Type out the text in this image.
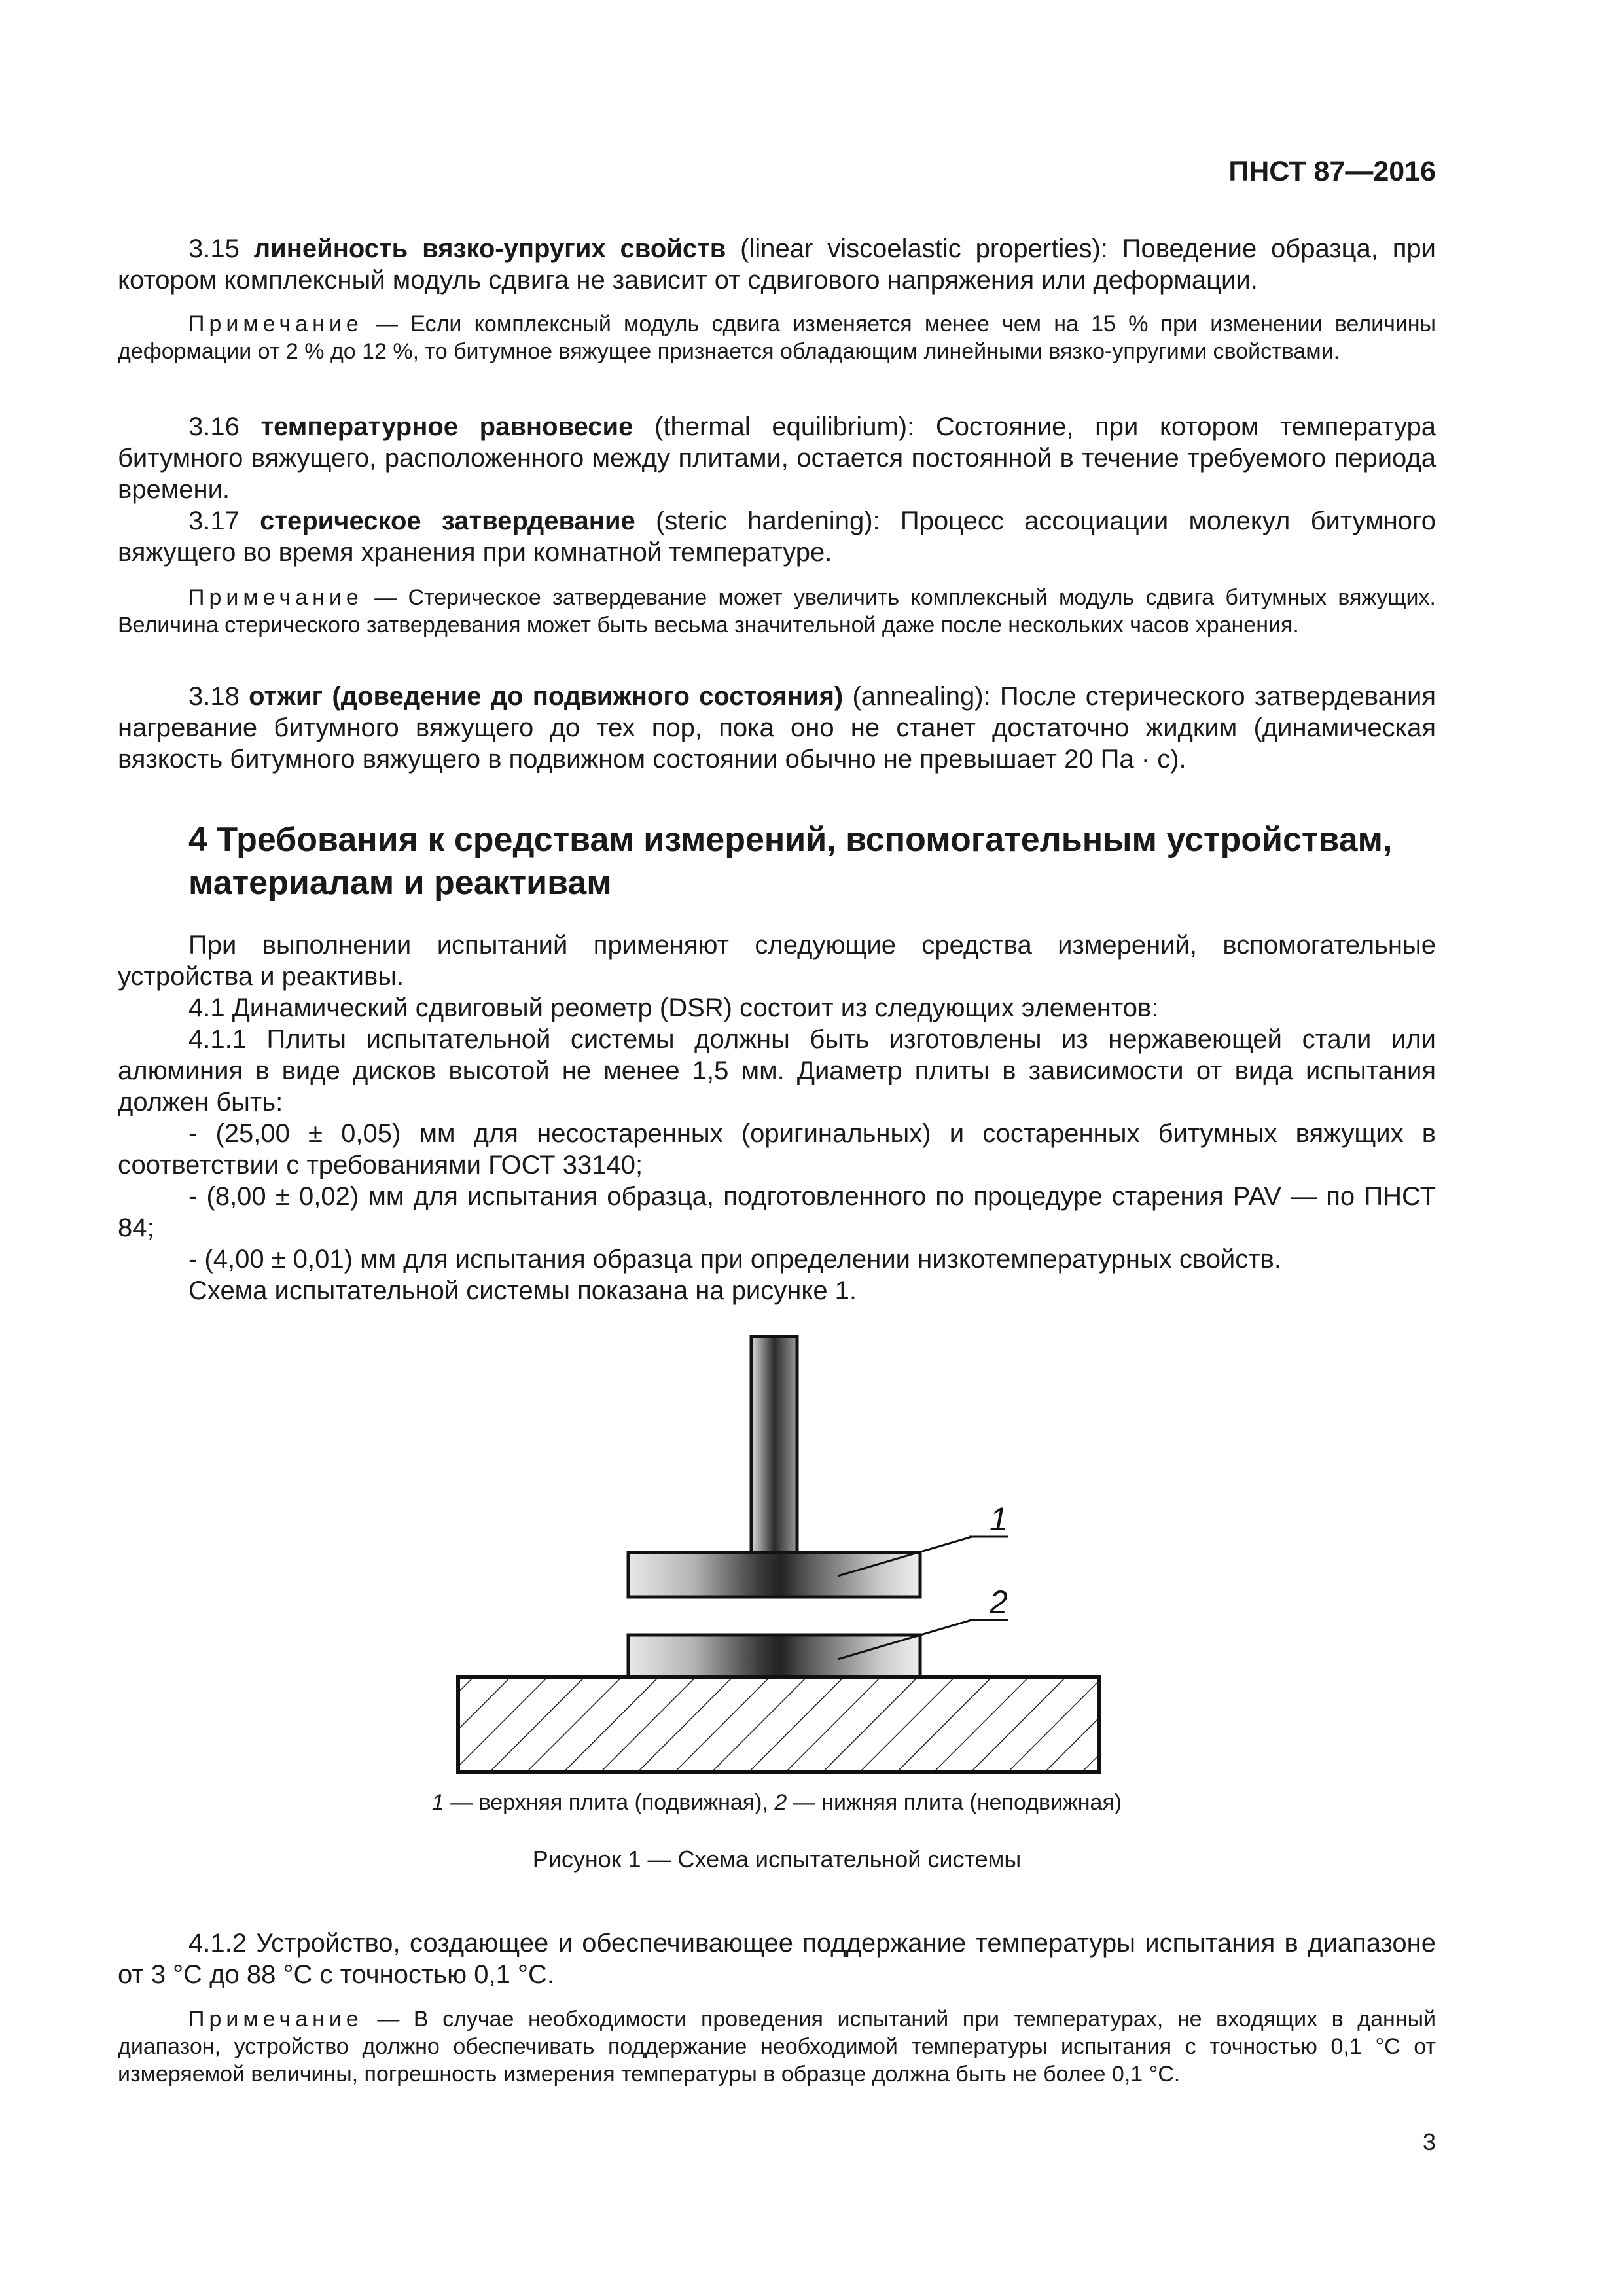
ПНСТ 87—2016

3.15 линейность вязко-упругих свойств (linear viscoelastic properties): Поведение образца, при котором комплексный модуль сдвига не зависит от сдвигового напряжения или деформации.

Примечание — Если комплексный модуль сдвига изменяется менее чем на 15 % при изменении величины деформации от 2 % до 12 %, то битумное вяжущее признается обладающим линейными вязко-упругими свойствами.

3.16 температурное равновесие (thermal equilibrium): Состояние, при котором температура битумного вяжущего, расположенного между плитами, остается постоянной в течение требуемого периода времени.

3.17 стерическое затвердевание (steric hardening): Процесс ассоциации молекул битумного вяжущего во время хранения при комнатной температуре.

Примечание — Стерическое затвердевание может увеличить комплексный модуль сдвига битумных вяжущих. Величина стерического затвердевания может быть весьма значительной даже после нескольких часов хранения.

3.18 отжиг (доведение до подвижного состояния) (annealing): После стерического затвердевания нагревание битумного вяжущего до тех пор, пока оно не станет достаточно жидким (динамическая вязкость битумного вяжущего в подвижном состоянии обычно не превышает 20 Па · с).

4 Требования к средствам измерений, вспомогательным устройствам, материалам и реактивам

При выполнении испытаний применяют следующие средства измерений, вспомогательные устройства и реактивы.

4.1 Динамический сдвиговый реометр (DSR) состоит из следующих элементов:

4.1.1 Плиты испытательной системы должны быть изготовлены из нержавеющей стали или алюминия в виде дисков высотой не менее 1,5 мм. Диаметр плиты в зависимости от вида испытания должен быть:

- (25,00 ± 0,05) мм для несостаренных (оригинальных) и состаренных битумных вяжущих в соответствии с требованиями ГОСТ 33140;

- (8,00 ± 0,02) мм для испытания образца, подготовленного по процедуре старения PAV — по ПНСТ 84;

- (4,00 ± 0,01) мм для испытания образца при определении низкотемпературных свойств.

Схема испытательной системы показана на рисунке 1.

1
2
1 — верхняя плита (подвижная), 2 — нижняя плита (неподвижная)
Рисунок 1 — Схема испытательной системы

4.1.2 Устройство, создающее и обеспечивающее поддержание температуры испытания в диапазоне от 3 °С до 88 °С с точностью 0,1 °С.

Примечание — В случае необходимости проведения испытаний при температурах, не входящих в данный диапазон, устройство должно обеспечивать поддержание необходимой температуры испытания с точностью 0,1 °С от измеряемой величины, погрешность измерения температуры в образце должна быть не более 0,1 °С.

3
